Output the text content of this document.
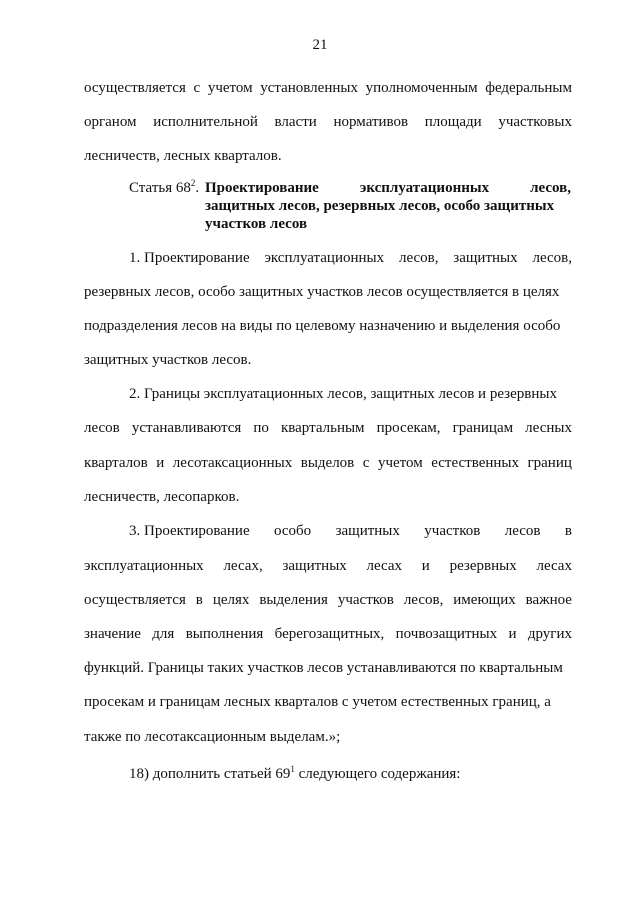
21
осуществляется с учетом установленных уполномоченным федеральным
органом исполнительной власти нормативов площади участковых
лесничеств, лесных кварталов.
Статья $68^2$. Проектирование	эксплуатационных	лесов,
защитных лесов, резервных лесов, особо защитных
участков лесов
1. Проектирование эксплуатационных лесов, защитных лесов,
резервных лесов, особо защитных участков лесов осуществляется в целях
подразделения лесов на виды по целевому назначению и выделения особо
защитных участков лесов.
2. Границы эксплуатационных лесов, защитных лесов и резервных
лесов устанавливаются по квартальным просекам, границам лесных
кварталов и лесотаксационных выделов с учетом естественных границ
лесничеств, лесопарков.
3. Проектирование особо защитных участков лесов в
эксплуатационных лесах, защитных лесах и резервных лесах
осуществляется в целях выделения участков лесов, имеющих важное
значение для выполнения берегозащитных, почвозащитных и других
функций. Границы таких участков лесов устанавливаются по квартальным
просекам и границам лесных кварталов с учетом естественных границ, а
также по лесотаксационным выделам.»;
18) дополнить статьей $69^1$ следующего содержания:
